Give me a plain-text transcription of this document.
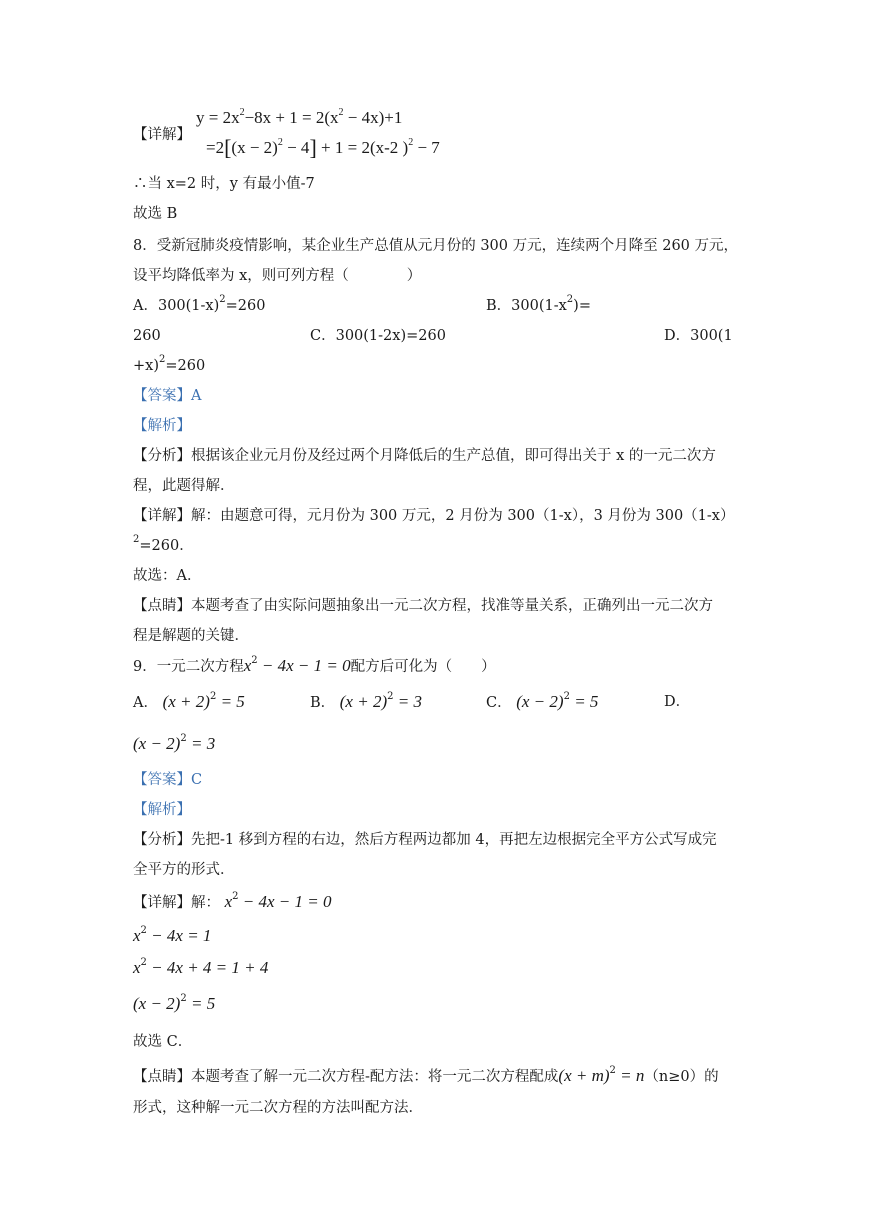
【详解】
$y = 2x^2-8x + 1 = 2(x^2 - 4x)+1$
$=2[(x - 2)^2 - 4] + 1 = 2(x-2$ )$^2$ − 7
∴当 x=2 时，y 有最小值-7
故选 B
8．受新冠肺炎疫情影响，某企业生产总值从元月份的 300 万元，连续两个月降至 260 万元，
设平均降低率为 x，则可列方程（　　　　）
A．$300(1-x)^2=260$	B．$300(1-x^2)=$
260	C．300(1-2x)=260	D．300(1
+x)$^2$=260
【答案】A
【解析】
【分析】根据该企业元月份及经过两个月降低后的生产总值，即可得出关于 x 的一元二次方
程，此题得解．
【详解】解：由题意可得，元月份为 300 万元，2 月份为 300（1-x），3 月份为 300（1-x）
$^2$=260．
故选：A．
【点睛】本题考查了由实际问题抽象出一元二次方程，找准等量关系，正确列出一元二次方
程是解题的关键．
9．一元二次方程$x^2 - 4x - 1 = 0$配方后可化为（　　）
A． $(x + 2)^2 = 5$	B． $(x + 2)^2 = 3$	C． $(x - 2)^2 = 5$	D．
$(x - 2)^2 = 3$
【答案】C
【解析】
【分析】先把-1 移到方程的右边，然后方程两边都加 4，再把左边根据完全平方公式写成完
全平方的形式．
【详解】解： $x^2 - 4x - 1 = 0$
$x^2 - 4x = 1$
$x^2 - 4x + 4 = 1 + 4$
$(x - 2)^2 = 5$
故选 C．
【点睛】本题考查了解一元二次方程-配方法：将一元二次方程配成$(x + m)^2 = n(n\ge 0)$的
形式，这种解一元二次方程的方法叫配方法．
